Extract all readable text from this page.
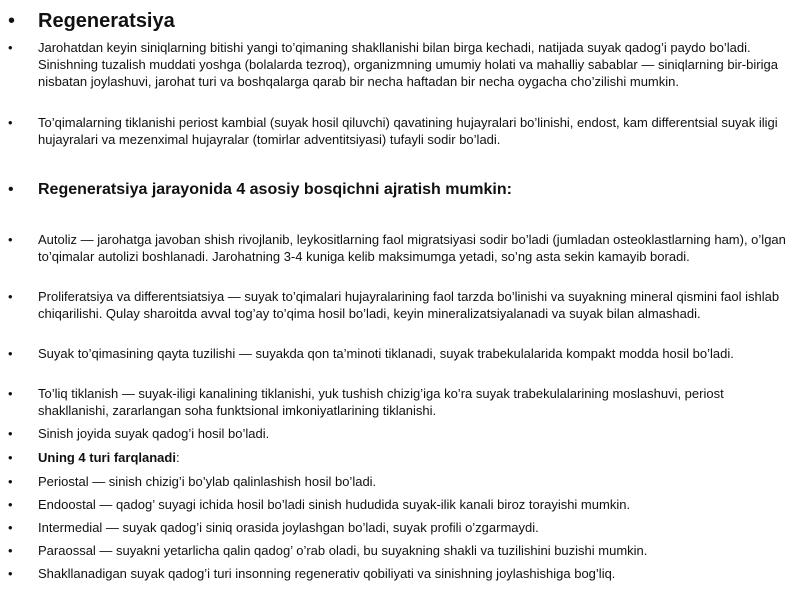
• Regeneratsiya
• Jarohatdan keyin siniqlarning bitishi yangi to’qimaning shakllanishi bilan birga kechadi, natijada suyak qadog’i paydo bo’ladi. Sinishning tuzalish muddati yoshga (bolalarda tezroq), organizmning umumiy holati va mahalliy sabablar — siniqlarning bir-biriga nisbatan joylashuvi, jarohat turi va boshqalarga qarab bir necha haftadan bir necha oygacha cho’zilishi mumkin.
• To’qimalarning tiklanishi periost kambial (suyak hosil qiluvchi) qavatining hujayralari bo’linishi, endost, kam differentsial suyak iligi hujayralari va mezenximal hujayralar (tomirlar adventitsiyasi) tufayli sodir bo’ladi.
• Regeneratsiya jarayonida 4 asosiy bosqichni ajratish mumkin:
• Autoliz — jarohatga javoban shish rivojlanib, leykositlarning faol migratsiyasi sodir bo’ladi (jumladan osteoklastlarning ham), o’lgan to’qimalar autolizi boshlanadi. Jarohatning 3-4 kuniga kelib maksimumga yetadi, so’ng asta sekin kamayib boradi.
• Proliferatsiya va differentsiatsiya — suyak to’qimalari hujayralarining faol tarzda bo’linishi va suyakning mineral qismini faol ishlab chiqarilishi. Qulay sharoitda avval tog’ay to’qima hosil bo’ladi, keyin mineralizatsiyalanadi va suyak bilan almashadi.
• Suyak to’qimasining qayta tuzilishi — suyakda qon ta’minoti tiklanadi, suyak trabekulalarida kompakt modda hosil bo’ladi.
• To’liq tiklanish — suyak-iligi kanalining tiklanishi, yuk tushish chizig’iga ko’ra suyak trabekulalarining moslashuvi, periost shakllanishi, zararlangan soha funktsional imkoniyatlarining tiklanishi.
• Sinish joyida suyak qadog’i hosil bo’ladi.
• Uning 4 turi farqlanadi:
• Periostal — sinish chizig’i bo’ylab qalinlashish hosil bo’ladi.
• Endoostal — qadog’ suyagi ichida hosil bo’ladi sinish hududida suyak-ilik kanali biroz torayishi mumkin.
• Intermedial — suyak qadog’i siniq orasida joylashgan bo’ladi, suyak profili o’zgarmaydi.
• Paraossal — suyakni yetarlicha qalin qadog’ o’rab oladi, bu suyakning shakli va tuzilishini buzishi mumkin.
• Shakllanadigan suyak qadog’i turi insonning regenerativ qobiliyati va sinishning joylashishiga bog’liq.
